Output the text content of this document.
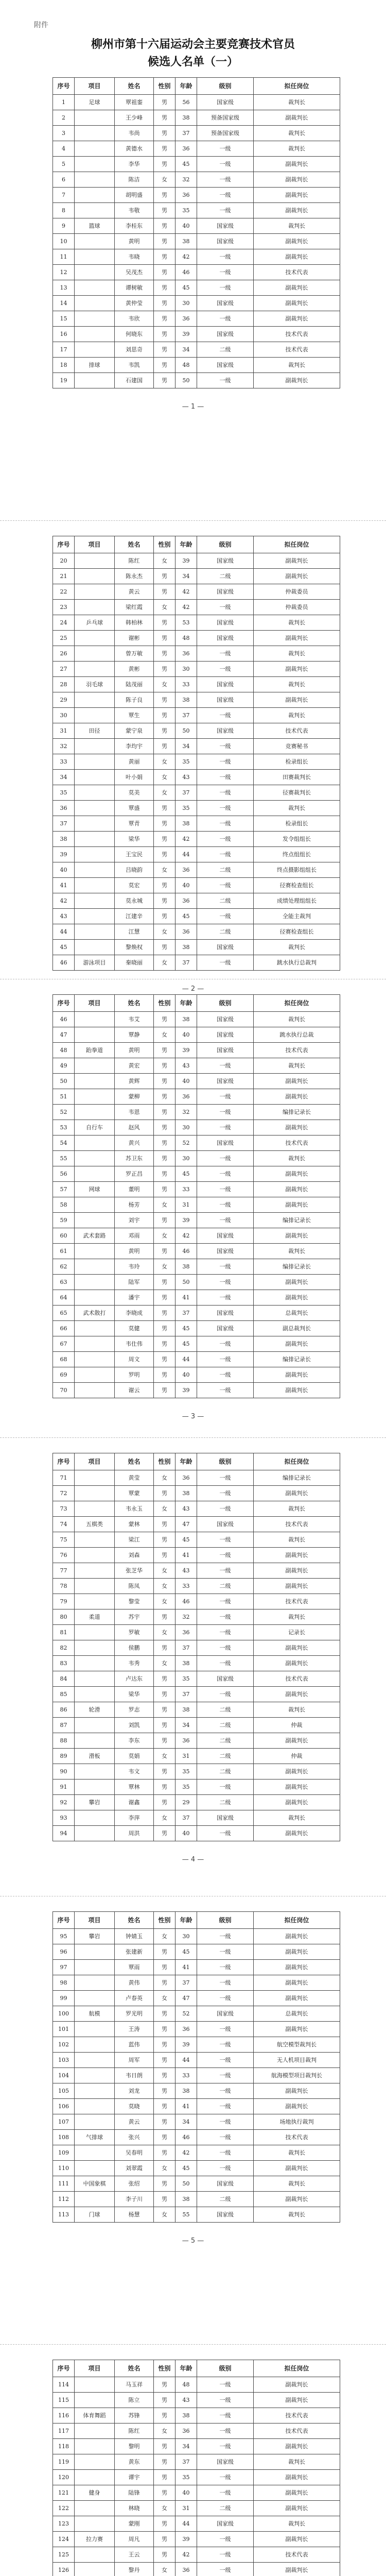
附件
柳州市第十六届运动会主要竞赛技术官员
候选人名单（一）
序号	项目	姓名	性别	年龄	级别	拟任岗位
1	足球	覃祖銮	男	56	国家级	裁判长
2		王少峰	男	38	预备国家级	副裁判长
3		韦尚	男	37	预备国家级	裁判长
4		黄德水	男	36	一级	裁判长
5		李华	男	45	一级	副裁判长
6		陈洁	女	32	一级	副裁判长
7		胡明盛	男	36	一级	副裁判长
8		韦敬	男	35	一级	副裁判长
9	篮球	李桂东	男	40	国家级	裁判长
10		黄明	男	38	国家级	副裁判长
11		韦晓	男	42	一级	副裁判长
12		吴茂杰	男	46	一级	技术代表
13		谭树敏	男	45	一级	副裁判长
14		黄仲莹	男	30	国家级	副裁判长
15		韦欣	男	36	一级	副裁判长
16		何晓东	男	39	国家级	技术代表
17		刘思奇	男	34	二级	技术代表
18	排球	韦凯	男	48	国家级	裁判长
19		石建国	男	50	一级	副裁判长
— 1 —
序号	项目	姓名	性别	年龄	级别	拟任岗位
20		陈红	女	39	国家级	副裁判长
21		陈永杰	男	34	二级	副裁判长
22		黄云	男	42	国家级	仲裁委员
23		梁红霞	女	42	一级	仲裁委员
24	乒乓球	韩柏林	男	53	国家级	裁判长
25		谢彬	男	48	国家级	副裁判长
26		曾万敏	男	36	一级	裁判长
27		黄彬	男	30	一级	副裁判长
28	羽毛球	陆茂丽	女	33	国家级	裁判长
29		陈子良	男	38	国家级	副裁判长
30		覃生	男	37	一级	裁判长
31	田径	蒙宁泉	男	50	国家级	技术代表
32		李均宇	男	34	一级	竞赛秘书
33		黄丽	女	35	一级	检录组长
34		叶小娟	女	43	一级	田赛裁判长
35		莫美	女	37	一级	径赛裁判长
36		覃盛	男	35	一级	裁判长
37		覃青	男	38	一级	检录组长
38		梁华	男	42	一级	发令组组长
39		王宝民	男	44	一级	终点组组长
40		吕晓韵	女	36	二级	终点摄影组组长
41		莫宏	男	40	一级	径赛检查组长
42		莫永城	男	36	二级	成绩处理组组长
43		江建辛	男	45	一级	全能主裁判
44		江慧	女	36	二级	径赛检查组长
45		黎焕权	男	38	国家级	裁判长
46	游泳项目	秦晓丽	女	37	一级	跳水执行总裁判
— 2 —
序号	项目	姓名	性别	年龄	级别	拟任岗位
46		韦艾	男	38	国家级	裁判长
47		覃静	女	40	国家级	跳水执行总裁
48	跆拳道	黄明	男	39	国家级	技术代表
49		黄宏	男	43	一级	裁判长
50		黄辉	男	40	国家级	副裁判长
51		蒙柳	男	36	一级	副裁判长
52		韦恩	男	32	一级	编排记录长
53	自行车	赵风	男	30	一级	副裁判长
54		黄兴	男	52	国家级	技术代表
55		苏卫东	男	30	一级	裁判长
56		罗正昌	男	45	一级	副裁判长
57	网球	董明	男	33	一级	副裁判长
58		杨芳	女	31	一级	副裁判长
59		刘宇	男	39	一级	编排记录长
60	武术套路	邓雨	女	42	国家级	副裁判长
61		黄明	男	46	国家级	裁判长
62		韦玲	女	38	一级	编排记录长
63		陆军	男	50	一级	副裁判长
64		潘宇	男	41	一级	副裁判长
65	武术散打	李晓成	男	37	国家级	总裁判长
66		莫健	男	45	国家级	副总裁判长
67		韦仕伟	男	45	一级	副裁判长
68		周文	男	44	一级	编排记录长
69		罗明	男	40	一级	副裁判长
70		谢云	男	39	一级	副裁判长
— 3 —
序号	项目	姓名	性别	年龄	级别	拟任岗位
71		黄莹	女	36	一级	编排记录长
72		覃蒙	男	38	一级	副裁判长
73		韦永玉	女	43	一级	裁判长
74	五棋类	蒙林	男	47	国家级	技术代表
75		梁江	男	45	一级	裁判长
76		刘森	男	41	一级	副裁判长
77		张芝华	女	43	一级	副裁判长
78		陈凤	女	33	二级	副裁判长
79		黎莹	女	46	一级	技术代表
80	柔道	苏宇	男	32	一级	裁判长
81		罗敏	女	36	一级	记录长
82		侯鹏	男	37	一级	副裁判长
83		韦秀	女	38	一级	副裁判长
84		卢达东	男	35	国家级	技术代表
85		梁华	男	37	一级	副裁判长
86	轮滑	罗志	男	38	二级	裁判长
87		刘凯	男	34	二级	仲裁
88		李东	男	36	二级	副裁判长
89	滑板	莫娟	女	31	二级	仲裁
90		韦文	男	35	二级	副裁判长
91		覃林	男	35	一级	副裁判长
92	攀岩	谢鑫	男	29	二级	副裁判长
93		李萍	女	37	国家级	裁判长
94		周洪	男	40	一级	副裁判长
— 4 —
序号	项目	姓名	性别	年龄	级别	拟任岗位
95	攀岩	钟婧玉	女	30	一级	副裁判长
96		张建新	男	45	一级	副裁判长
97		覃雨	男	41	一级	副裁判长
98		黄伟	男	37	一级	副裁判长
99		卢春英	女	47	一级	副裁判长
100	航模	罗光明	男	52	国家级	总裁判长
101		王涛	男	36	一级	副裁判长
102		蓝伟	男	39	一级	航空模型裁判长
103		周军	男	44	一级	无人机项目裁判
104		韦日朗	男	33	一级	航海模型项目裁判长
105		刘龙	男	38	一级	副裁判长
106		莫晓	男	41	一级	副裁判长
107		黄云	男	34	一级	场地执行裁判
108	气排球	张兴	男	46	一级	技术代表
109		吴春明	男	42	一级	裁判长
110		刘翠霞	女	45	一级	副裁判长
111	中国象棋	张绍	男	50	国家级	裁判长
112		李子川	男	38	二级	副裁判长
113	门球	杨慧	女	55	国家级	裁判长
— 5 —
序号	项目	姓名	性别	年龄	级别	拟任岗位
114		马玉祥	男	48	一级	副裁判长
115		陈立	男	43	一级	副裁判长
116	体育舞蹈	苏锋	男	38	一级	技术代表
117		陈红	女	36	一级	技术代表
118		黎明	男	34	一级	副裁判长
119		黄东	男	37	国家级	裁判长
120		谭宇	男	35	一级	副裁判长
121	健身	陆锋	男	40	一级	副裁判长
122		林晓	女	31	二级	副裁判长
123		蒙刚	男	44	国家级	裁判长
124	拉力赛	周凡	男	39	一级	副裁判长
125		王云	男	42	一级	技术代表
126		黎丹	女	36	一级	副裁判长
